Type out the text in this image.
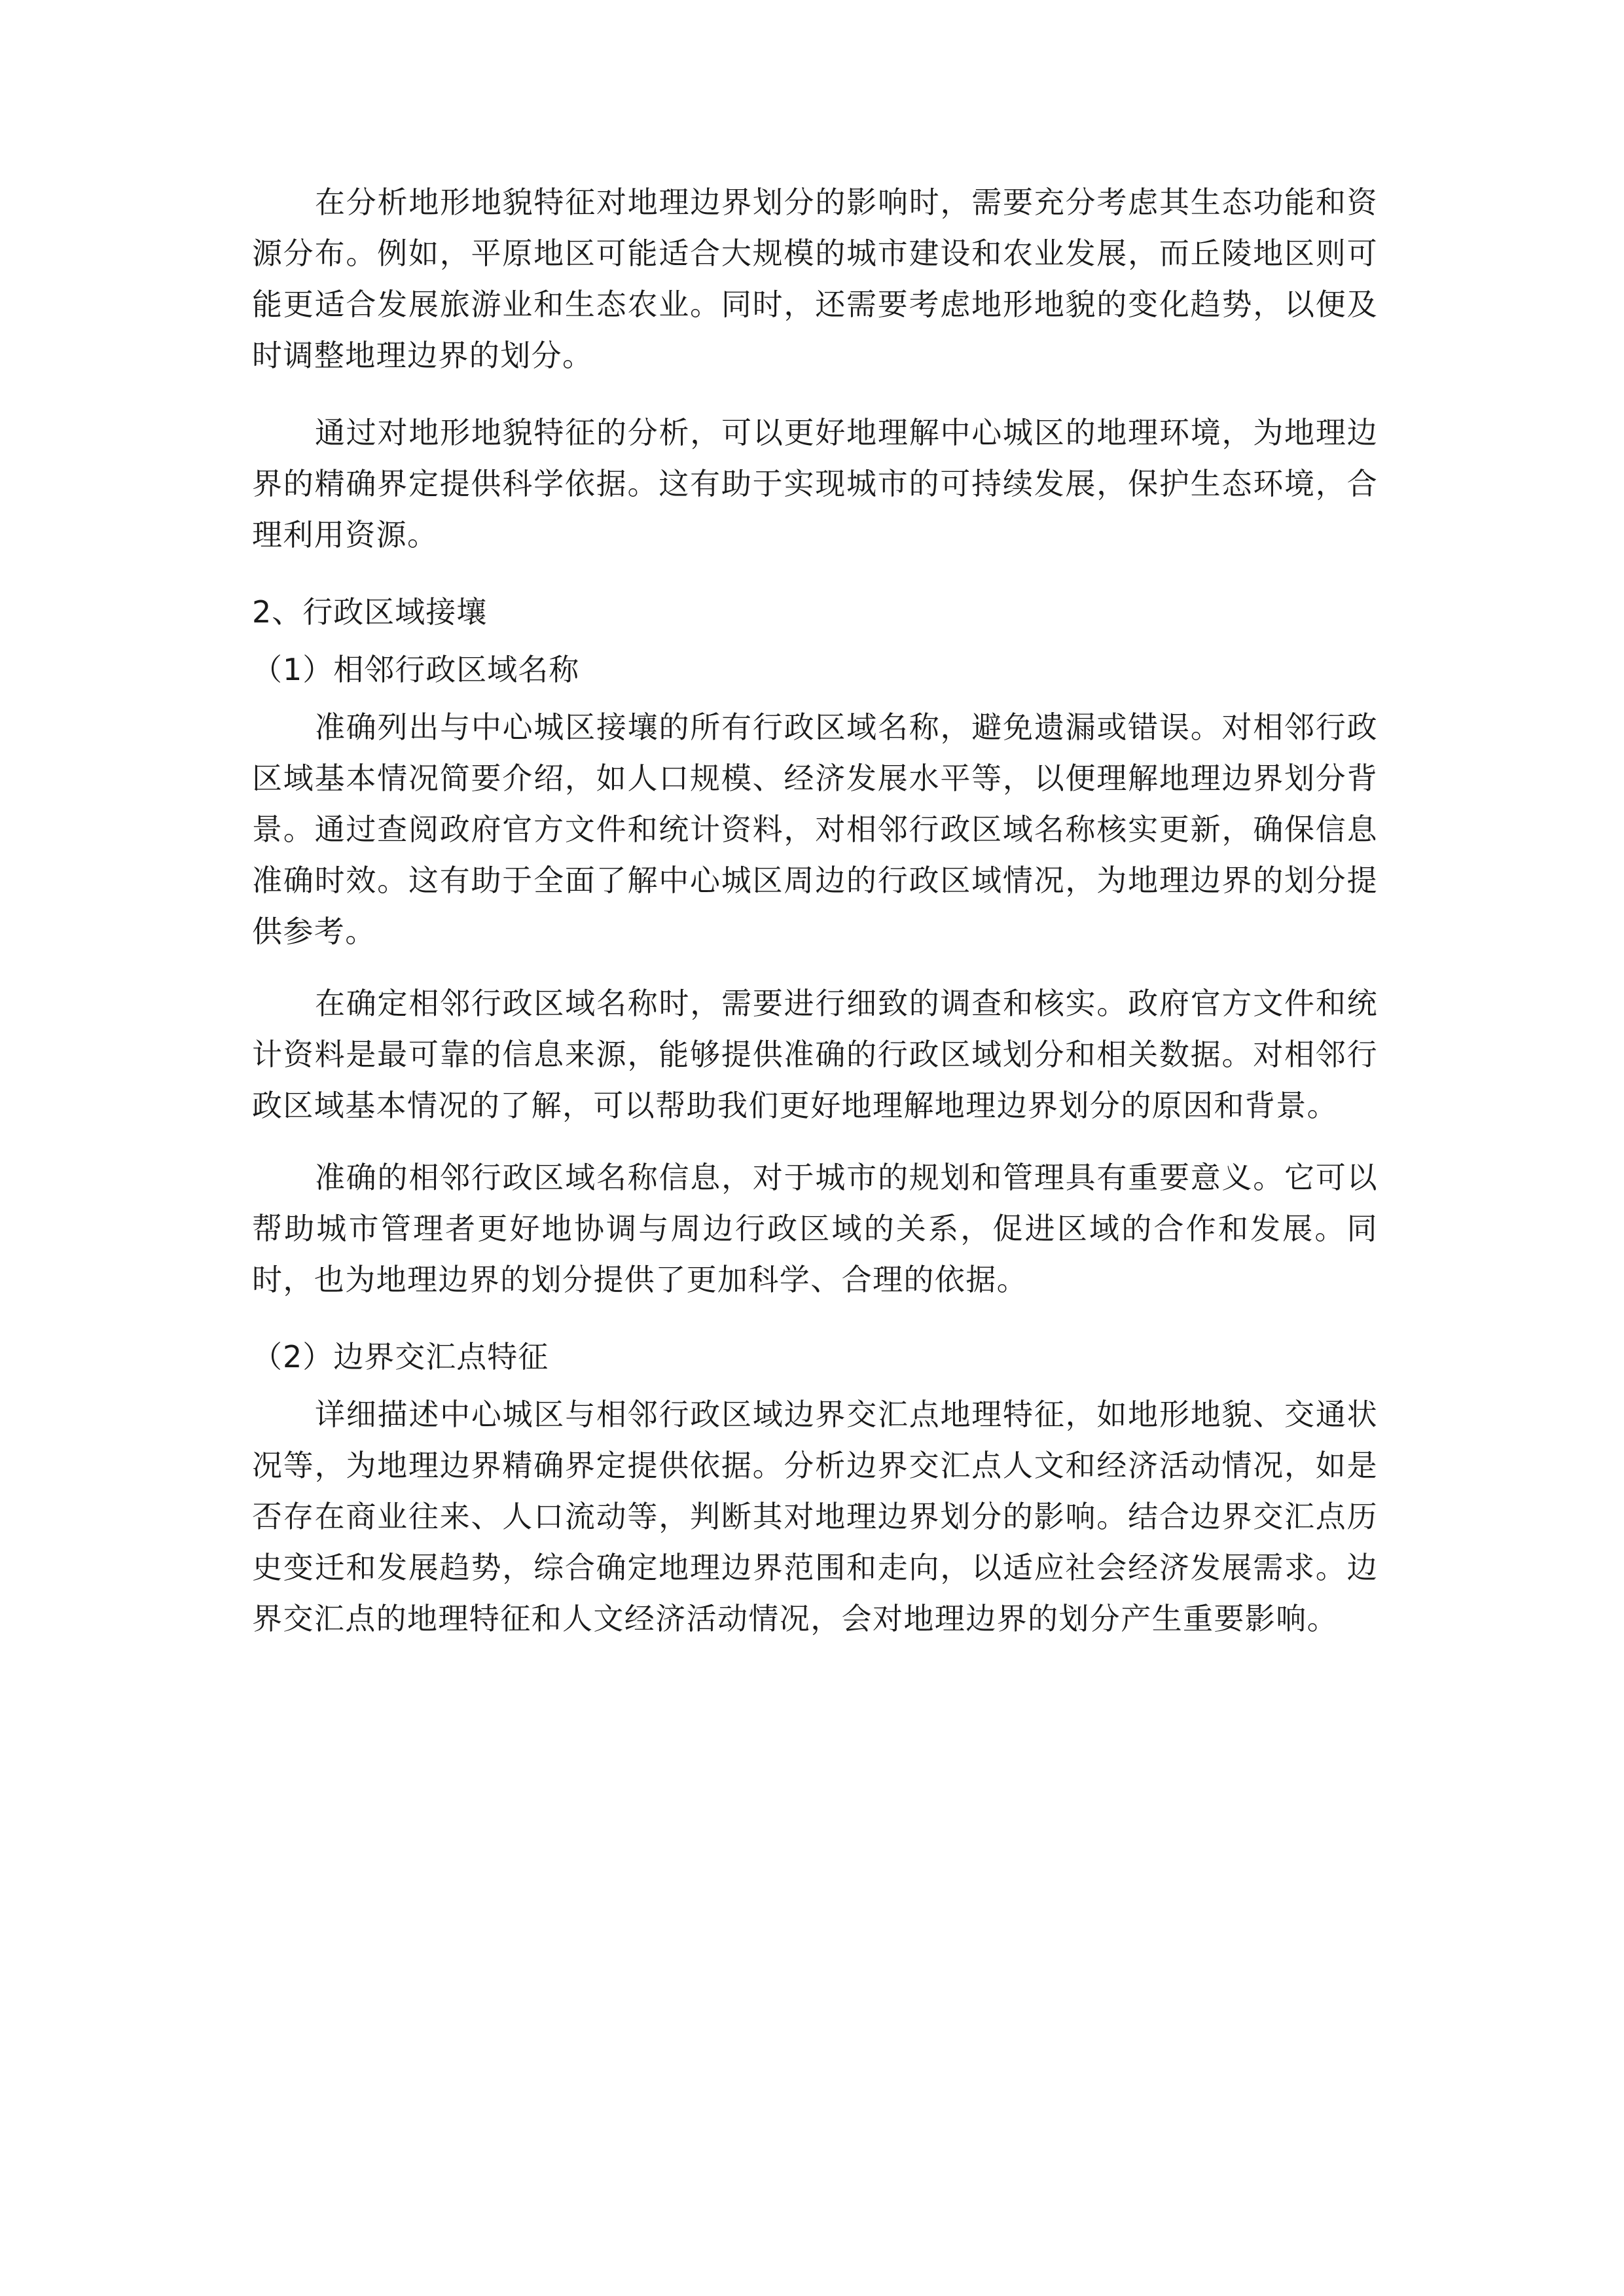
在分析地形地貌特征对地理边界划分的影响时，需要充分考虑其生态功能和资源分布。例如，平原地区可能适合大规模的城市建设和农业发展，而丘陵地区则可能更适合发展旅游业和生态农业。同时，还需要考虑地形地貌的变化趋势，以便及时调整地理边界的划分。

通过对地形地貌特征的分析，可以更好地理解中心城区的地理环境，为地理边界的精确界定提供科学依据。这有助于实现城市的可持续发展，保护生态环境，合理利用资源。

2、行政区域接壤

（1）相邻行政区域名称

准确列出与中心城区接壤的所有行政区域名称，避免遗漏或错误。对相邻行政区域基本情况简要介绍，如人口规模、经济发展水平等，以便理解地理边界划分背景。通过查阅政府官方文件和统计资料，对相邻行政区域名称核实更新，确保信息准确时效。这有助于全面了解中心城区周边的行政区域情况，为地理边界的划分提供参考。

在确定相邻行政区域名称时，需要进行细致的调查和核实。政府官方文件和统计资料是最可靠的信息来源，能够提供准确的行政区域划分和相关数据。对相邻行政区域基本情况的了解，可以帮助我们更好地理解地理边界划分的原因和背景。

准确的相邻行政区域名称信息，对于城市的规划和管理具有重要意义。它可以帮助城市管理者更好地协调与周边行政区域的关系，促进区域的合作和发展。同时，也为地理边界的划分提供了更加科学、合理的依据。

（2）边界交汇点特征

详细描述中心城区与相邻行政区域边界交汇点地理特征，如地形地貌、交通状况等，为地理边界精确界定提供依据。分析边界交汇点人文和经济活动情况，如是否存在商业往来、人口流动等，判断其对地理边界划分的影响。结合边界交汇点历史变迁和发展趋势，综合确定地理边界范围和走向，以适应社会经济发展需求。边界交汇点的地理特征和人文经济活动情况，会对地理边界的划分产生重要影响。
